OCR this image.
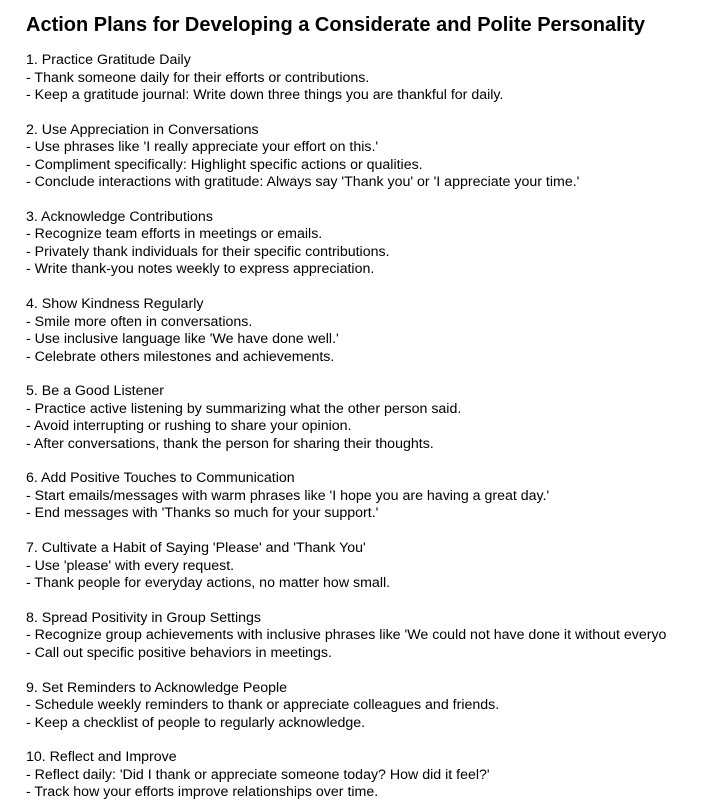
Action Plans for Developing a Considerate and Polite Personality
1. Practice Gratitude Daily
- Thank someone daily for their efforts or contributions.
- Keep a gratitude journal: Write down three things you are thankful for daily.
2. Use Appreciation in Conversations
- Use phrases like 'I really appreciate your effort on this.'
- Compliment specifically: Highlight specific actions or qualities.
- Conclude interactions with gratitude: Always say 'Thank you' or 'I appreciate your time.'
3. Acknowledge Contributions
- Recognize team efforts in meetings or emails.
- Privately thank individuals for their specific contributions.
- Write thank-you notes weekly to express appreciation.
4. Show Kindness Regularly
- Smile more often in conversations.
- Use inclusive language like 'We have done well.'
- Celebrate others milestones and achievements.
5. Be a Good Listener
- Practice active listening by summarizing what the other person said.
- Avoid interrupting or rushing to share your opinion.
- After conversations, thank the person for sharing their thoughts.
6. Add Positive Touches to Communication
- Start emails/messages with warm phrases like 'I hope you are having a great day.'
- End messages with 'Thanks so much for your support.'
7. Cultivate a Habit of Saying 'Please' and 'Thank You'
- Use 'please' with every request.
- Thank people for everyday actions, no matter how small.
8. Spread Positivity in Group Settings
- Recognize group achievements with inclusive phrases like 'We could not have done it without everyo
- Call out specific positive behaviors in meetings.
9. Set Reminders to Acknowledge People
- Schedule weekly reminders to thank or appreciate colleagues and friends.
- Keep a checklist of people to regularly acknowledge.
10. Reflect and Improve
- Reflect daily: 'Did I thank or appreciate someone today? How did it feel?'
- Track how your efforts improve relationships over time.
